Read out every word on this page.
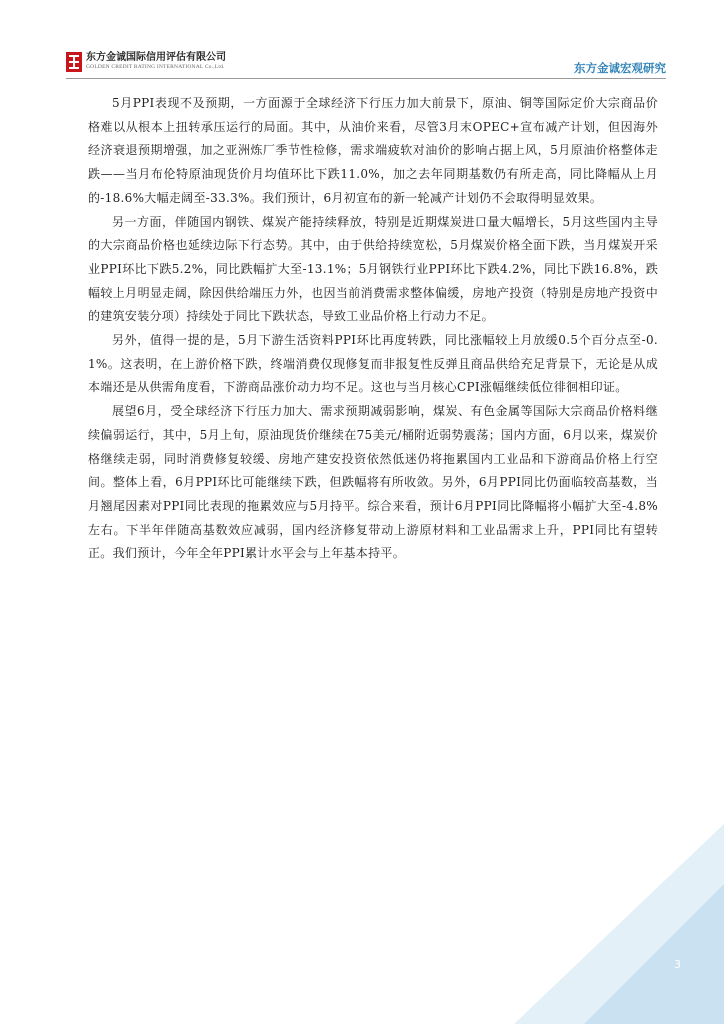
东方金诚国际信用评估有限公司
GOLDEN CREDIT RATING INTERNATIONAL Co.,Ltd.	东方金诚宏观研究

5月PPI表现不及预期，一方面源于全球经济下行压力加大前景下，原油、铜等国际定价大宗商品价格难以从根本上扭转承压运行的局面。其中，从油价来看，尽管3月末OPEC+宣布减产计划，但因海外经济衰退预期增强，加之亚洲炼厂季节性检修，需求端疲软对油价的影响占据上风，5月原油价格整体走跌——当月布伦特原油现货价月均值环比下跌11.0%，加之去年同期基数仍有所走高，同比降幅从上月的-18.6%大幅走阔至-33.3%。我们预计，6月初宣布的新一轮减产计划仍不会取得明显效果。

另一方面，伴随国内钢铁、煤炭产能持续释放，特别是近期煤炭进口量大幅增长，5月这些国内主导的大宗商品价格也延续边际下行态势。其中，由于供给持续宽松，5月煤炭价格全面下跌，当月煤炭开采业PPI环比下跌5.2%，同比跌幅扩大至-13.1%；5月钢铁行业PPI环比下跌4.2%，同比下跌16.8%，跌幅较上月明显走阔，除因供给端压力外，也因当前消费需求整体偏缓，房地产投资（特别是房地产投资中的建筑安装分项）持续处于同比下跌状态，导致工业品价格上行动力不足。

另外，值得一提的是，5月下游生活资料PPI环比再度转跌，同比涨幅较上月放缓0.5个百分点至-0.1%。这表明，在上游价格下跌，终端消费仅现修复而非报复性反弹且商品供给充足背景下，无论是从成本端还是从供需角度看，下游商品涨价动力均不足。这也与当月核心CPI涨幅继续低位徘徊相印证。

展望6月，受全球经济下行压力加大、需求预期减弱影响，煤炭、有色金属等国际大宗商品价格料继续偏弱运行，其中，5月上旬，原油现货价继续在75美元/桶附近弱势震荡；国内方面，6月以来，煤炭价格继续走弱，同时消费修复较缓、房地产建安投资依然低迷仍将拖累国内工业品和下游商品价格上行空间。整体上看，6月PPI环比可能继续下跌，但跌幅将有所收敛。另外，6月PPI同比仍面临较高基数，当月翘尾因素对PPI同比表现的拖累效应与5月持平。综合来看，预计6月PPI同比降幅将小幅扩大至-4.8%左右。下半年伴随高基数效应减弱，国内经济修复带动上游原材料和工业品需求上升，PPI同比有望转正。我们预计，今年全年PPI累计水平会与上年基本持平。

3
